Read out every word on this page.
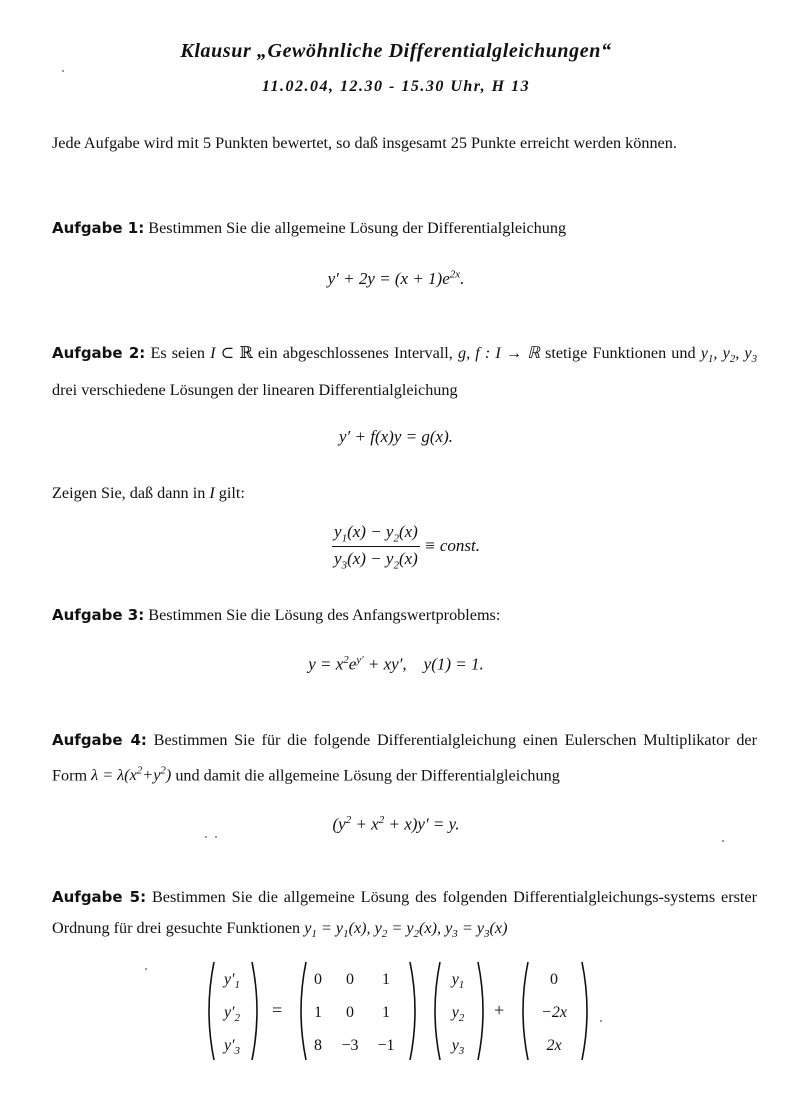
Klausur „Gewöhnliche Differentialgleichungen“
11.02.04, 12.30 - 15.30 Uhr, H 13
Jede Aufgabe wird mit 5 Punkten bewertet, so daß insgesamt 25 Punkte erreicht werden können.
Aufgabe 1: Bestimmen Sie die allgemeine Lösung der Differentialgleichung
$y' + 2y = (x + 1)e^{2x}$.
Aufgabe 2: Es seien I ⊂ ℝ ein abgeschlossenes Intervall, g, f : I → ℝ stetige Funktionen und $y_1$, $y_2$, $y_3$ drei verschiedene Lösungen der linearen Differentialgleichung
y′ + f(x)y = g(x).
Zeigen Sie, daß dann in I gilt:
$\frac{y_1(x) - y_2(x)}{y_3(x) - y_2(x)}$ ≡ const.
Aufgabe 3: Bestimmen Sie die Lösung des Anfangswertproblems:
$y = x^2e^{y'} + xy'$,    y(1) = 1.
Aufgabe 4: Bestimmen Sie für die folgende Differentialgleichung einen Eulerschen Multiplikator der Form $\lambda = \lambda(x^2+y^2)$ und damit die allgemeine Lösung der Differentialgleichung
$(y^2 + x^2 + x)y' = y$.
Aufgabe 5: Bestimmen Sie die allgemeine Lösung des folgenden Differentialgleichungs-systems erster Ordnung für drei gesuchte Funktionen $y_1 = y_1(x)$, $y_2 = y_2(x)$, $y_3 = y_3(x)$
$y'_1$
$y'_2$
$y'_3$
=
0	0	1
1	0	1
8	−3	−1
$y_1$
$y_2$
$y_3$
+
0
−2x
2x
